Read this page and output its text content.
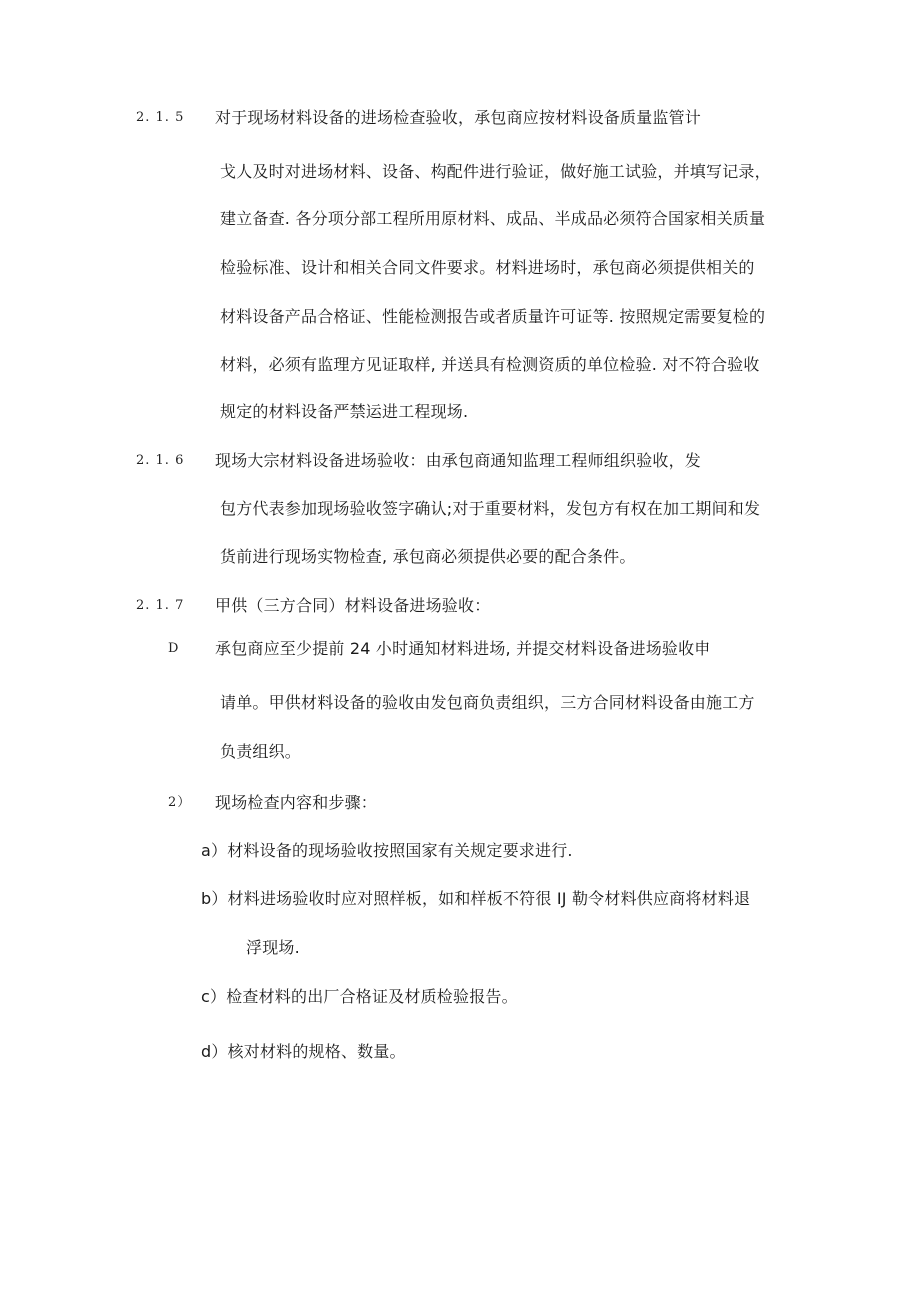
2. 1. 5 对于现场材料设备的进场检查验收，承包商应按材料设备质量监管计
戈人及时对进场材料、设备、构配件进行验证，做好施工试验，并填写记录，
建立备查. 各分项分部工程所用原材料、成品、半成品必须符合国家相关质量
检验标准、设计和相关合同文件要求。材料进场时，承包商必须提供相关的
材料设备产品合格证、性能检测报告或者质量许可证等. 按照规定需要复检的
材料，必须有监理方见证取样, 并送具有检测资质的单位检验. 对不符合验收
规定的材料设备严禁运进工程现场.
2. 1. 6 现场大宗材料设备进场验收：由承包商通知监理工程师组织验收，发
包方代表参加现场验收签字确认;对于重要材料，发包方有权在加工期间和发
货前进行现场实物检查, 承包商必须提供必要的配合条件。
2. 1. 7 甲供（三方合同）材料设备进场验收：
D 承包商应至少提前 24 小时通知材料进场, 并提交材料设备进场验收申
请单。甲供材料设备的验收由发包商负责组织，三方合同材料设备由施工方
负责组织。
2） 现场检查内容和步骤：
a）材料设备的现场验收按照国家有关规定要求进行.
b）材料进场验收时应对照样板，如和样板不符很 IJ 勒令材料供应商将材料退
浮现场.
c）检查材料的出厂合格证及材质检验报告。
d）核对材料的规格、数量。
